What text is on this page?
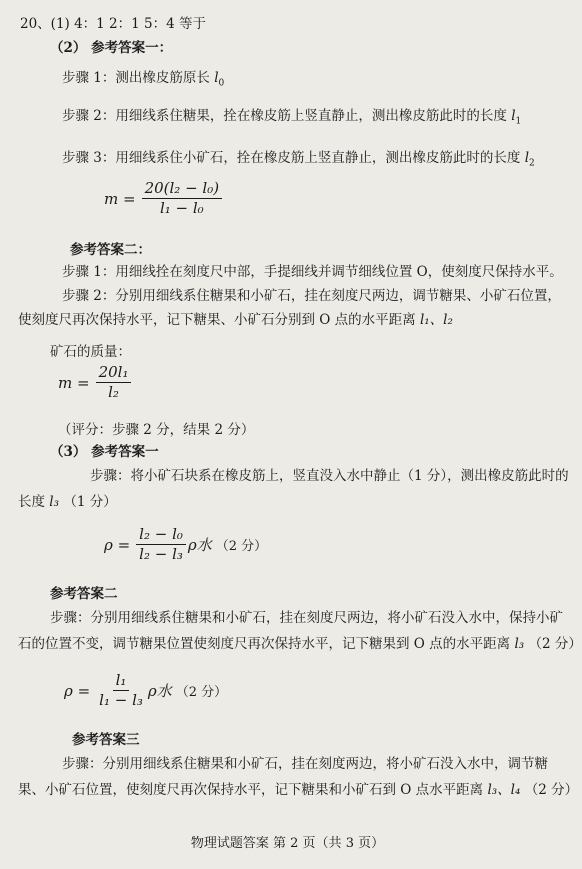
20、(1) 4：1 2：1 5：4 等于
（2） 参考答案一：
步骤 1：测出橡皮筋原长 $l_0$
步骤 2：用细线系住糖果，拴在橡皮筋上竖直静止，测出橡皮筋此时的长度 $l_1$
步骤 3：用细线系住小矿石，拴在橡皮筋上竖直静止，测出橡皮筋此时的长度 $l_2$
$m = \frac{\text{20(l₂ − l₀)}}{\text{l₁ − l₀}}$
参考答案二：
步骤 1：用细线拴在刻度尺中部，手提细线并调节细线位置 O，使刻度尺保持水平。
步骤 2：分别用细线系住糖果和小矿石，挂在刻度尺两边，调节糖果、小矿石位置，
使刻度尺再次保持水平，记下糖果、小矿石分别到 O 点的水平距离 l₁、l₂
矿石的质量：
$m = \frac{\text{20l₁}}{\text{l₂}}$
（评分：步骤 2 分，结果 2 分）
（3） 参考答案一
步骤：将小矿石块系在橡皮筋上，竖直没入水中静止（1 分），测出橡皮筋此时的
长度 l₃ （1 分）
$\rho = \frac{\text{l₂ − l₀}}{\text{l₂ − l₃}}$ ρ水 （2 分）
参考答案二
步骤：分别用细线系住糖果和小矿石，挂在刻度尺两边，将小矿石没入水中，保持小矿
石的位置不变，调节糖果位置使刻度尺再次保持水平，记下糖果到 O 点的水平距离 l₃ （2 分）
$\rho = \frac{\text{l₁}}{\text{l₁ − l₃}}$ ρ水 （2 分）
参考答案三
步骤：分别用细线系住糖果和小矿石，挂在刻度两边，将小矿石没入水中，调节糖
果、小矿石位置，使刻度尺再次保持水平，记下糖果和小矿石到 O 点水平距离 l₃、l₄ （2 分）
物理试题答案 第 2 页（共 3 页）
